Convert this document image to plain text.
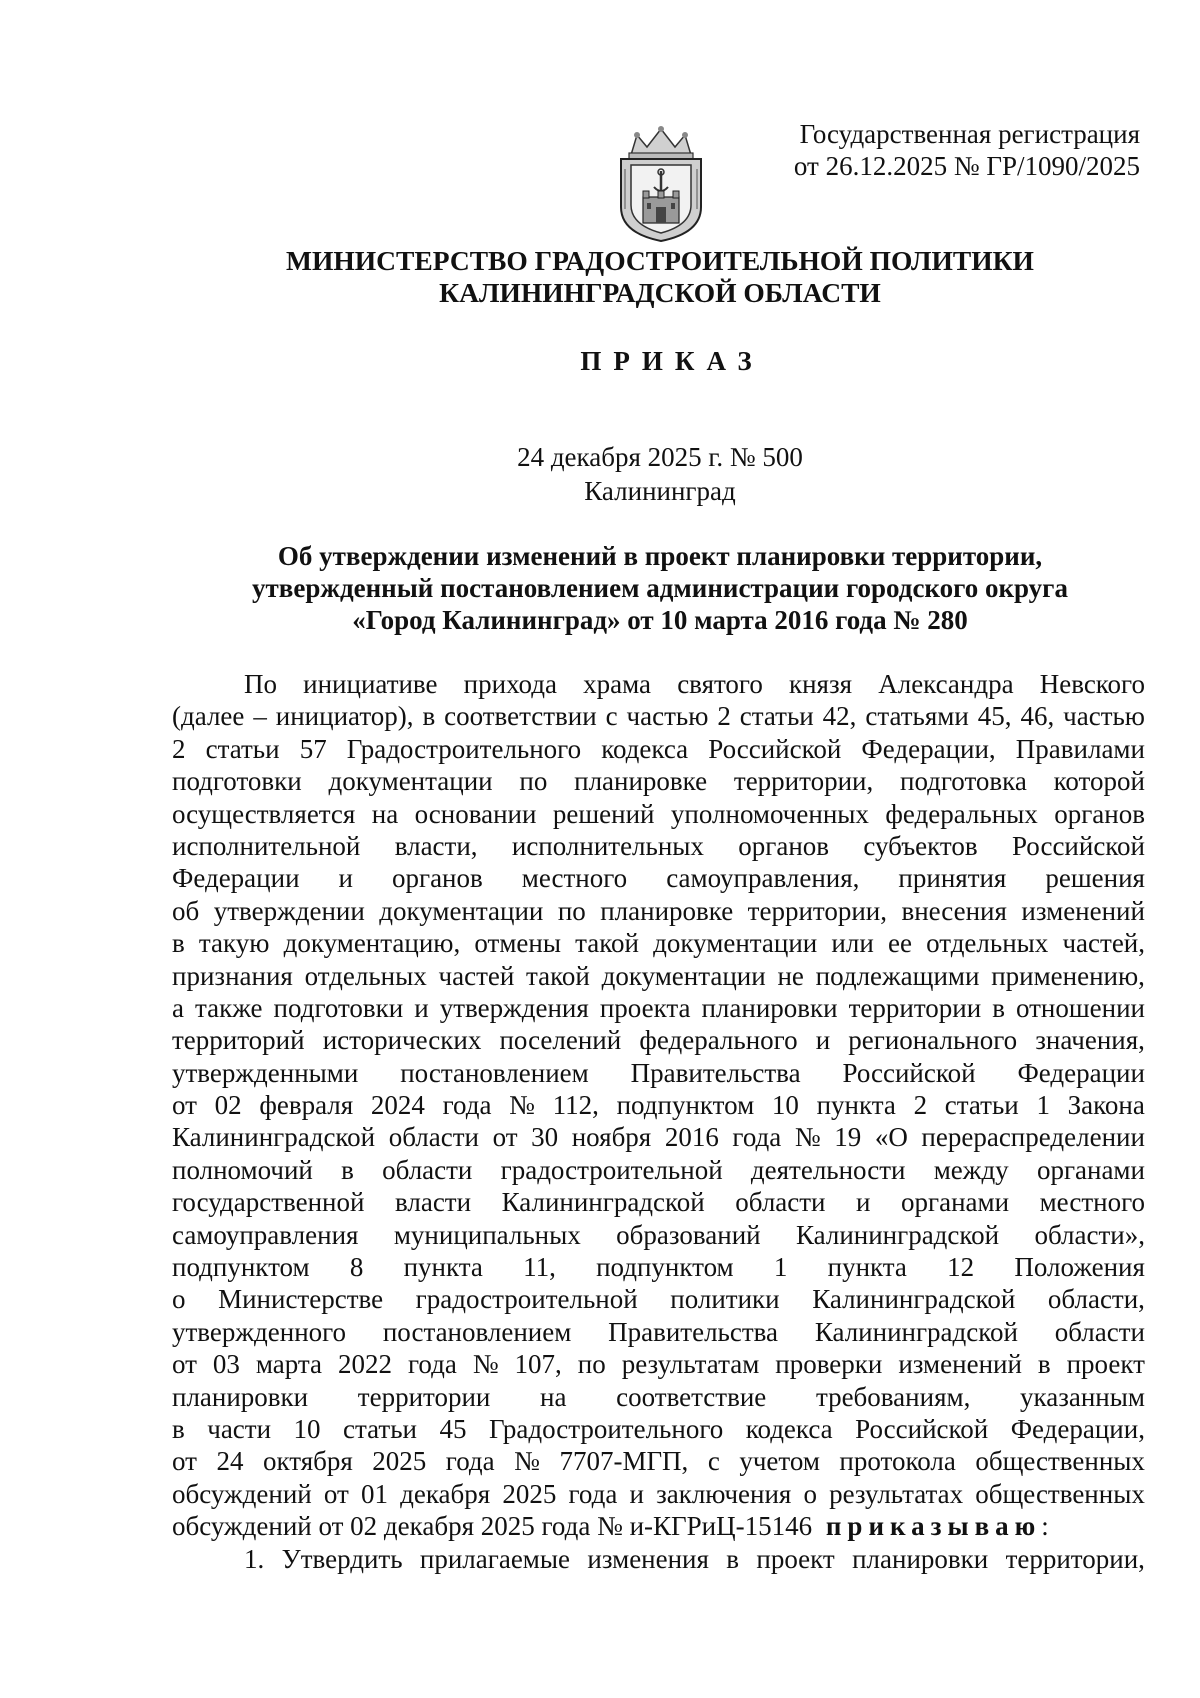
Государственная регистрация
от 26.12.2025 № ГР/1090/2025
МИНИСТЕРСТВО ГРАДОСТРОИТЕЛЬНОЙ ПОЛИТИКИ
КАЛИНИНГРАДСКОЙ ОБЛАСТИ
ПРИКАЗ
24 декабря 2025 г. № 500
Калининград
Об утверждении изменений в проект планировки территории,
утвержденный постановлением администрации городского округа
«Город Калининград» от 10 марта 2016 года № 280
По инициативе прихода храма святого князя Александра Невского
(далее – инициатор), в соответствии с частью 2 статьи 42, статьями 45, 46, частью
2 статьи 57 Градостроительного кодекса Российской Федерации, Правилами
подготовки документации по планировке территории, подготовка которой
осуществляется на основании решений уполномоченных федеральных органов
исполнительной власти, исполнительных органов субъектов Российской
Федерации и органов местного самоуправления, принятия решения
об утверждении документации по планировке территории, внесения изменений
в такую документацию, отмены такой документации или ее отдельных частей,
признания отдельных частей такой документации не подлежащими применению,
а также подготовки и утверждения проекта планировки территории в отношении
территорий исторических поселений федерального и регионального значения,
утвержденными постановлением Правительства Российской Федерации
от 02 февраля 2024 года № 112, подпунктом 10 пункта 2 статьи 1 Закона
Калининградской области от 30 ноября 2016 года № 19 «О перераспределении
полномочий в области градостроительной деятельности между органами
государственной власти Калининградской области и органами местного
самоуправления муниципальных образований Калининградской области»,
подпунктом 8 пункта 11, подпунктом 1 пункта 12 Положения
о Министерстве градостроительной политики Калининградской области,
утвержденного постановлением Правительства Калининградской области
от 03 марта 2022 года № 107, по результатам проверки изменений в проект
планировки территории на соответствие требованиям, указанным
в части 10 статьи 45 Градостроительного кодекса Российской Федерации,
от 24 октября 2025 года № 7707-МГП, с учетом протокола общественных
обсуждений от 01 декабря 2025 года и заключения о результатах общественных
обсуждений от 02 декабря 2025 года № и-КГРиЦ-15146 приказываю :
1. Утвердить прилагаемые изменения в проект планировки территории,
